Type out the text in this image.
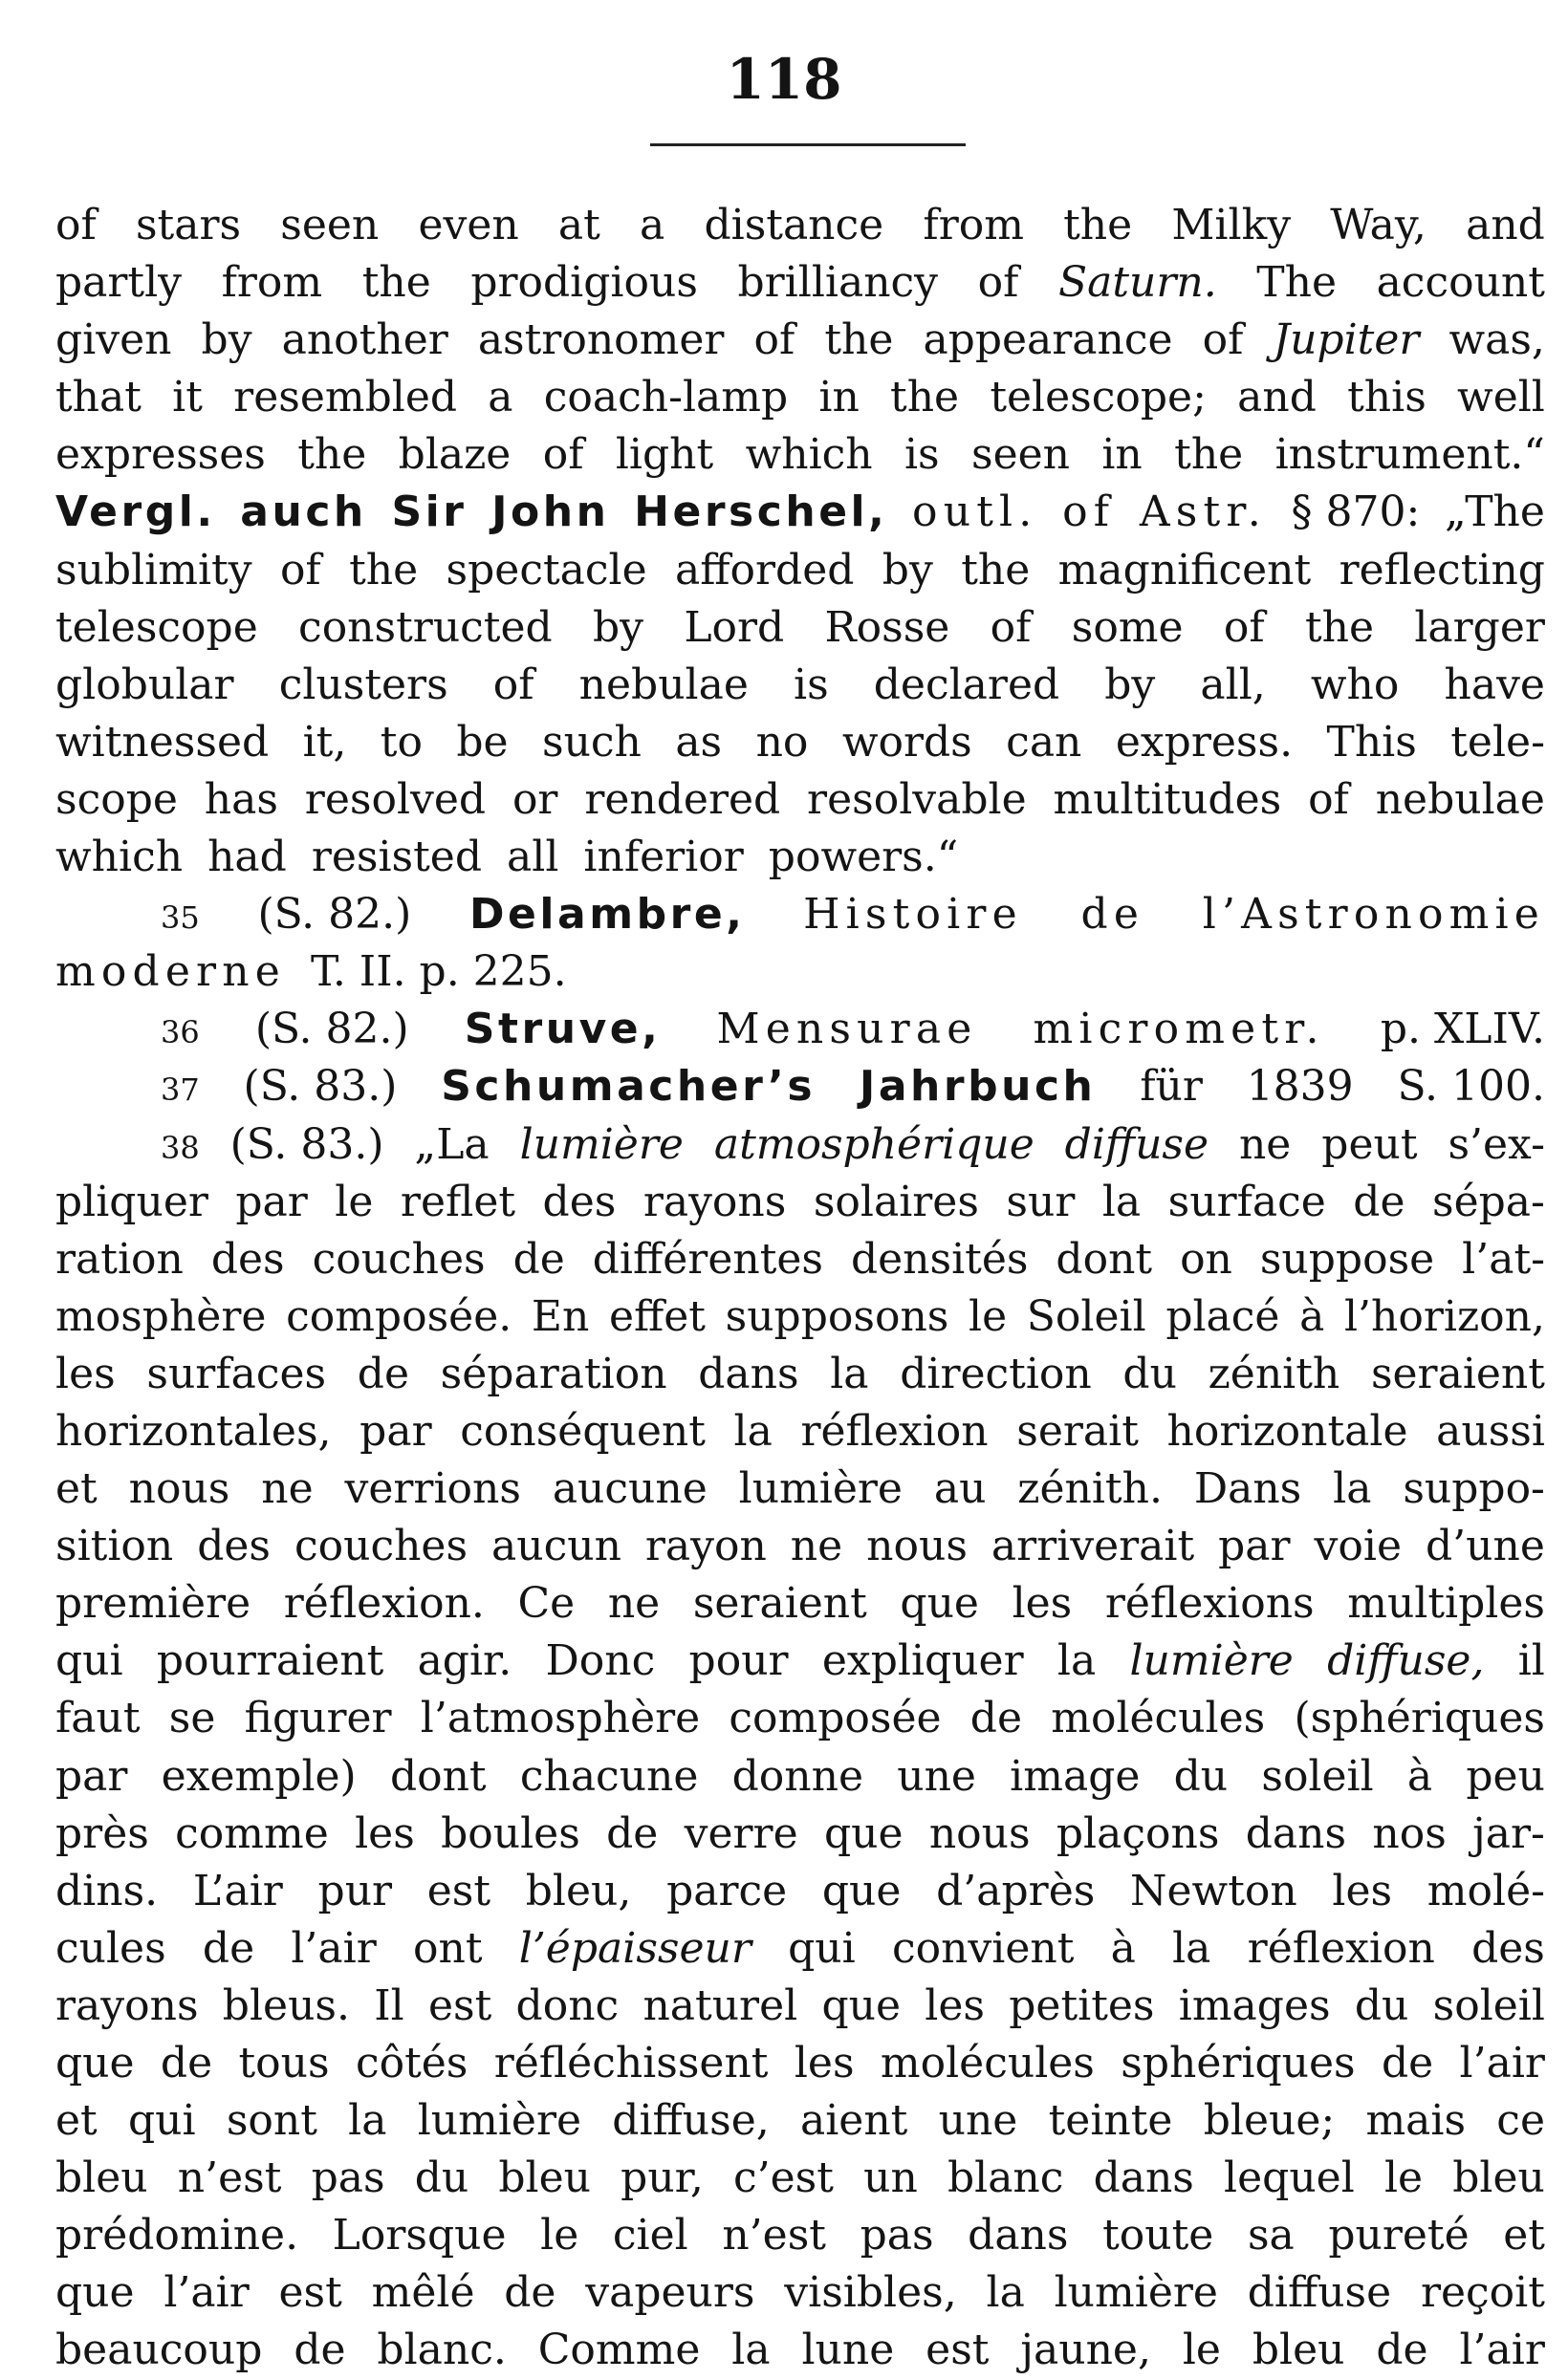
118
of stars seen even at a distance from the Milky Way, and
partly from the prodigious brilliancy of Saturn. The account
given by another astronomer of the appearance of Jupiter was,
that it resembled a coach-lamp in the telescope; and this well
expresses the blaze of light which is seen in the instrument.“
Vergl. auch Sir John Herschel, outl. of Astr. § 870: „The
sublimity of the spectacle afforded by the magnificent reflecting
telescope constructed by Lord Rosse of some of the larger
globular clusters of nebulae is declared by all, who have
witnessed it, to be such as no words can express. This tele-
scope has resolved or rendered resolvable multitudes of nebulae
which had resisted all inferior powers.“
35 (S. 82.) Delambre, Histoire de l’Astronomie
moderne T. II. p. 225.
36 (S. 82.) Struve, Mensurae micrometr. p. XLIV.
37 (S. 83.) Schumacher’s Jahrbuch für 1839 S. 100.
38 (S. 83.) „La lumière atmosphérique diffuse ne peut s’ex-
pliquer par le reflet des rayons solaires sur la surface de sépa-
ration des couches de différentes densités dont on suppose l’at-
mosphère composée. En effet supposons le Soleil placé à l’horizon,
les surfaces de séparation dans la direction du zénith seraient
horizontales, par conséquent la réflexion serait horizontale aussi
et nous ne verrions aucune lumière au zénith. Dans la suppo-
sition des couches aucun rayon ne nous arriverait par voie d’une
première réflexion. Ce ne seraient que les réflexions multiples
qui pourraient agir. Donc pour expliquer la lumière diffuse, il
faut se figurer l’atmosphère composée de molécules (sphériques
par exemple) dont chacune donne une image du soleil à peu
près comme les boules de verre que nous plaçons dans nos jar-
dins. L’air pur est bleu, parce que d’après Newton les molé-
cules de l’air ont l’épaisseur qui convient à la réflexion des
rayons bleus. Il est donc naturel que les petites images du soleil
que de tous côtés réfléchissent les molécules sphériques de l’air
et qui sont la lumière diffuse, aient une teinte bleue; mais ce
bleu n’est pas du bleu pur, c’est un blanc dans lequel le bleu
prédomine. Lorsque le ciel n’est pas dans toute sa pureté et
que l’air est mêlé de vapeurs visibles, la lumière diffuse reçoit
beaucoup de blanc. Comme la lune est jaune, le bleu de l’air
